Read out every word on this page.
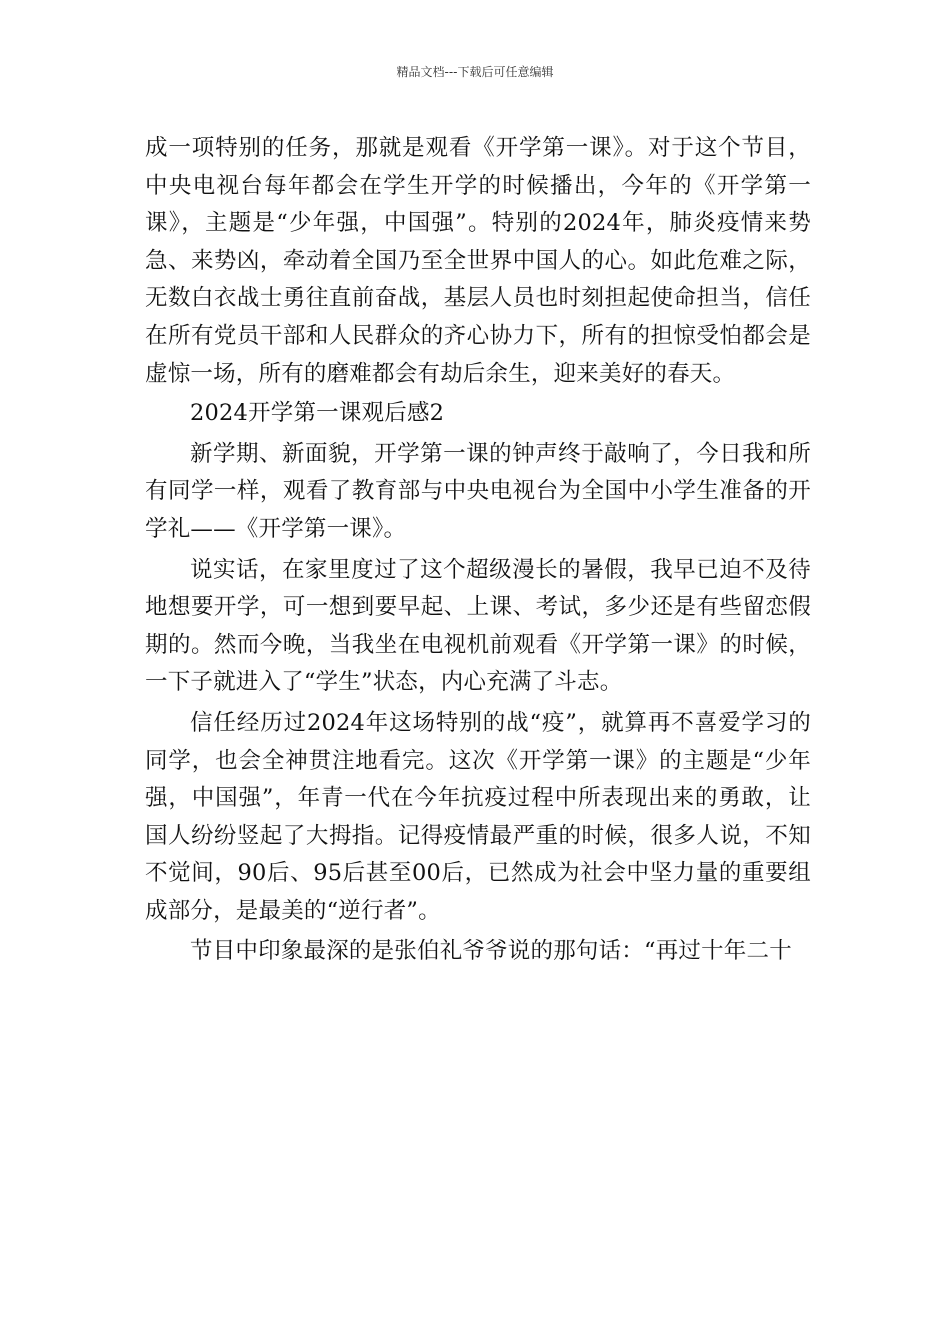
精品文档---下载后可任意编辑

成一项特别的任务，那就是观看《开学第一课》。对于这个节目，中央电视台每年都会在学生开学的时候播出，今年的《开学第一课》，主题是“少年强，中国强”。特别的2024年，肺炎疫情来势急、来势凶，牵动着全国乃至全世界中国人的心。如此危难之际，无数白衣战士勇往直前奋战，基层人员也时刻担起使命担当，信任在所有党员干部和人民群众的齐心协力下，所有的担惊受怕都会是虚惊一场，所有的磨难都会有劫后余生，迎来美好的春天。

2024开学第一课观后感2

新学期、新面貌，开学第一课的钟声终于敲响了，今日我和所有同学一样，观看了教育部与中央电视台为全国中小学生准备的开学礼——《开学第一课》。

说实话，在家里度过了这个超级漫长的暑假，我早已迫不及待地想要开学，可一想到要早起、上课、考试，多少还是有些留恋假期的。然而今晚，当我坐在电视机前观看《开学第一课》的时候，一下子就进入了“学生”状态，内心充满了斗志。

信任经历过2024年这场特别的战“疫”，就算再不喜爱学习的同学，也会全神贯注地看完。这次《开学第一课》的主题是“少年强，中国强”，年青一代在今年抗疫过程中所表现出来的勇敢，让国人纷纷竖起了大拇指。记得疫情最严重的时候，很多人说，不知不觉间，90后、95后甚至00后，已然成为社会中坚力量的重要组成部分，是最美的“逆行者”。

节目中印象最深的是张伯礼爷爷说的那句话：“再过十年二十
